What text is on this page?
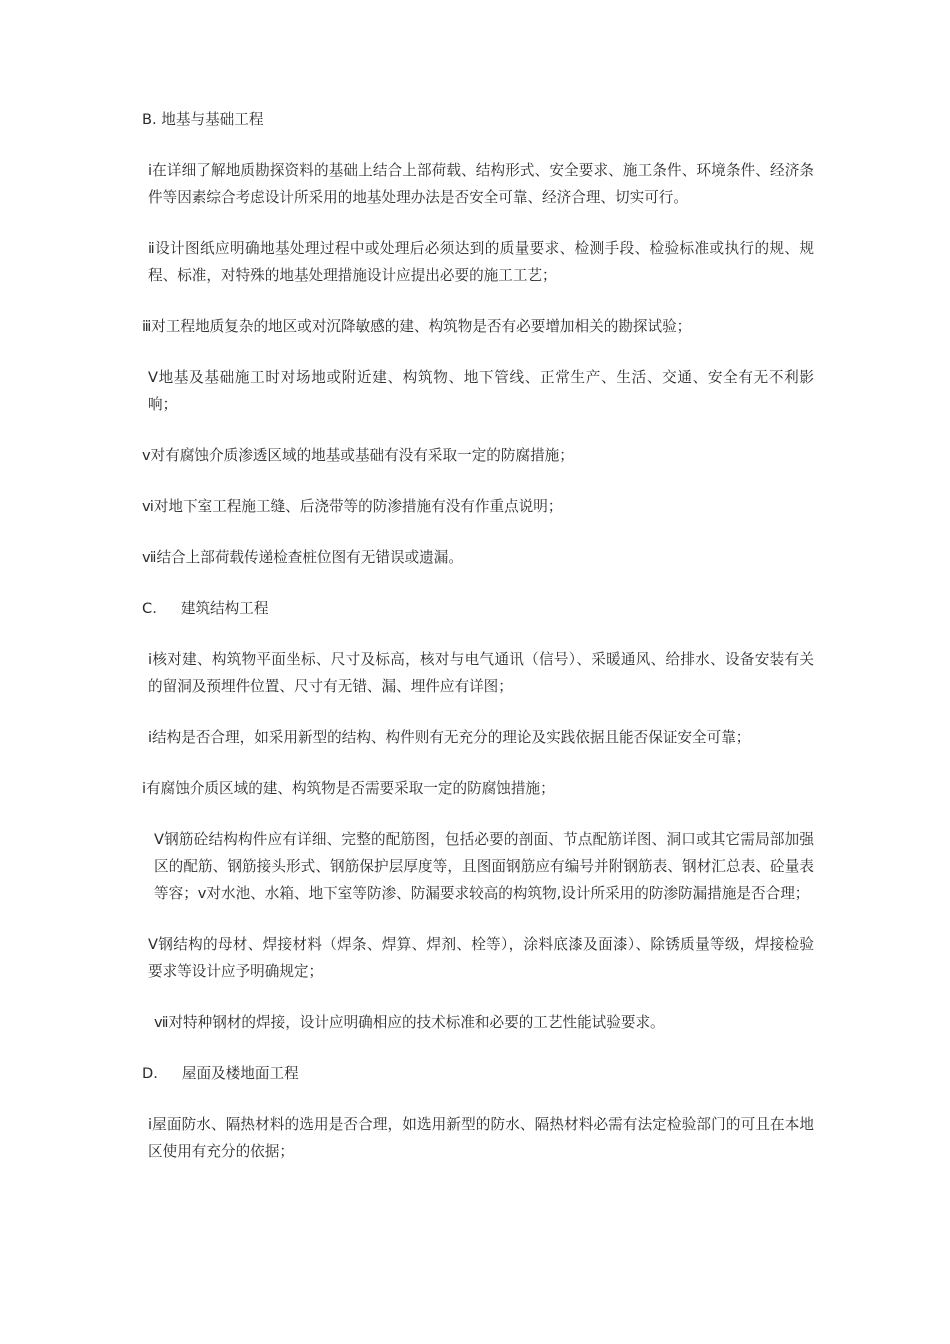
B. 地基与基础工程

ⅰ在详细了解地质勘探资料的基础上结合上部荷载、结构形式、安全要求、施工条件、环境条件、经济条件等因素综合考虑设计所采用的地基处理办法是否安全可靠、经济合理、切实可行。

ⅱ设计图纸应明确地基处理过程中或处理后必须达到的质量要求、检测手段、检验标准或执行的规、规程、标准，对特殊的地基处理措施设计应提出必要的施工工艺；

ⅲ对工程地质复杂的地区或对沉降敏感的建、构筑物是否有必要增加相关的勘探试验；

Ⅴ地基及基础施工时对场地或附近建、构筑物、地下管线、正常生产、生活、交通、安全有无不利影响；

ⅴ对有腐蚀介质渗透区域的地基或基础有没有采取一定的防腐措施；

ⅵ对地下室工程施工缝、后浇带等的防渗措施有没有作重点说明；

ⅶ结合上部荷载传递检查桩位图有无错误或遗漏。

C. 建筑结构工程

ⅰ核对建、构筑物平面坐标、尺寸及标高，核对与电气通讯（信号）、采暖通风、给排水、设备安装有关的留洞及预埋件位置、尺寸有无错、漏、埋件应有详图；

ⅰ结构是否合理，如采用新型的结构、构件则有无充分的理论及实践依据且能否保证安全可靠；

ⅰ有腐蚀介质区域的建、构筑物是否需要采取一定的防腐蚀措施；

Ⅴ钢筋砼结构构件应有详细、完整的配筋图，包括必要的剖面、节点配筋详图、洞口或其它需局部加强区的配筋、钢筋接头形式、钢筋保护层厚度等，且图面钢筋应有编号并附钢筋表、钢材汇总表、砼量表等容；ⅴ对水池、水箱、地下室等防渗、防漏要求较高的构筑物,设计所采用的防渗防漏措施是否合理；

Ⅴ钢结构的母材、焊接材料（焊条、焊算、焊剂、栓等），涂料底漆及面漆）、除锈质量等级，焊接检验要求等设计应予明确规定；

ⅶ对特种钢材的焊接，设计应明确相应的技术标准和必要的工艺性能试验要求。

D. 屋面及楼地面工程

ⅰ屋面防水、隔热材料的选用是否合理，如选用新型的防水、隔热材料必需有法定检验部门的可且在本地区使用有充分的依据；
